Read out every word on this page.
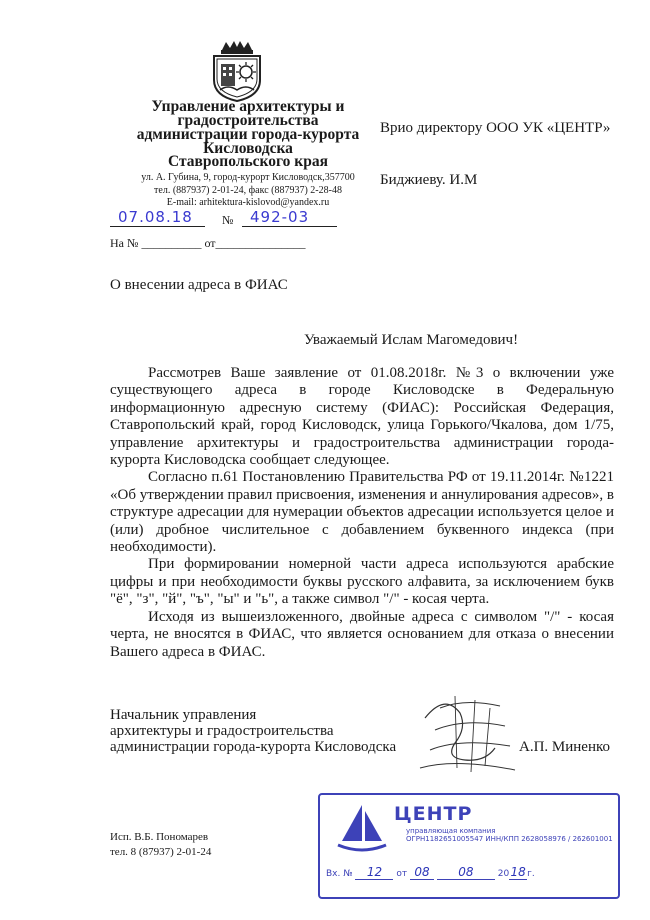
Управление архитектуры и
градостроительства
администрации города-курорта
Кисловодска
Ставропольского края
ул. А. Губина, 9, город-курорт Кисловодск,357700
тел. (887937) 2-01-24, факс (887937) 2-28-48
E-mail: arhitektura-kislovod@yandex.ru
07.08.18 № 492-03
На № __________ от_______________
Врио директору ООО УК «ЦЕНТР»
Биджиеву. И.М
О внесении адреса в ФИАС
Уважаемый Ислам Магомедович!

Рассмотрев Ваше заявление от 01.08.2018г. №3 о включении уже существующего адреса в городе Кисловодске в Федеральную информационную адресную систему (ФИАС): Российская Федерация, Ставропольский край, город Кисловодск, улица Горького/Чкалова, дом 1/75, управление архитектуры и градостроительства администрации города-курорта Кисловодска сообщает следующее.

Согласно п.61 Постановлению Правительства РФ от 19.11.2014г. №1221 «Об утверждении правил присвоения, изменения и аннулирования адресов», в структуре адресации для нумерации объектов адресации используется целое и (или) дробное числительное с добавлением буквенного индекса (при необходимости).

При формировании номерной части адреса используются арабские цифры и при необходимости буквы русского алфавита, за исключением букв "ё", "з", "й", "ъ", "ы" и "ь", а также символ "/" - косая черта.

Исходя из вышеизложенного, двойные адреса с символом "/" - косая черта, не вносятся в ФИАС, что является основанием для отказа о внесении Вашего адреса в ФИАС.

Начальник управления
архитектуры и градостроительства
администрации города-курорта Кисловодска	А.П. Миненко
Исп. В.Б. Пономарев
тел. 8 (87937) 2-01-24
ЦЕНТР
управляющая компания
ОГРН1182651005547 ИНН/КПП 2628058976 / 262601001
Вх. № 12 от 08 08	2018г.
